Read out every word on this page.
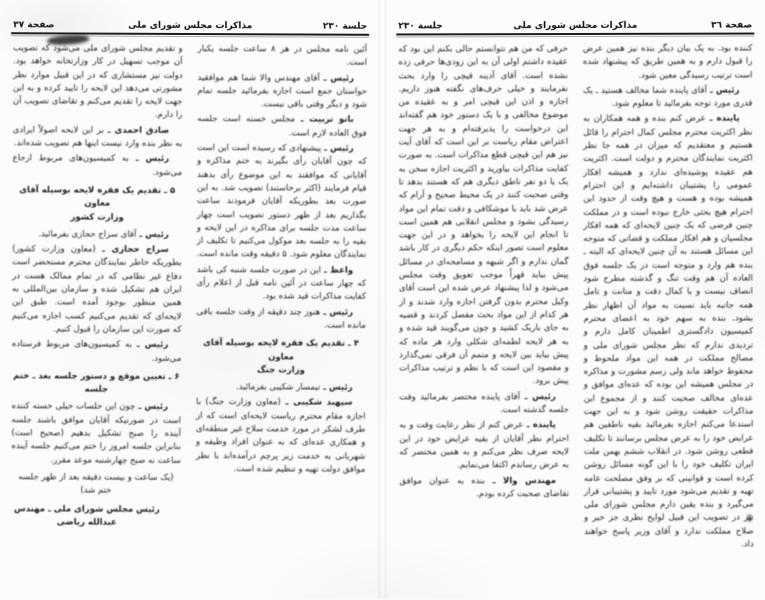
جلسة ٢٣٠
مذاکرات مجلس شورای ملی
صفحة ٣٧

آئین نامه مجلس در هر ۸ ساعت جلسه یکبار است.

رئیس ـ آقای مهندس والا شما هم موافقید حواستان جمع است اجازه بفرمائید جلسه تمام شود و دیگر وقتی باقی نیست.

بانو تربیت ـ مجلس خسته است جلسه فوق العاده لازم است.

رئیس ـ پیشنهادی که رسیده است این است که چون آقایان رأی بگیرند به ختم مذاکره و آقایانی که موافقند به این موضوع رأی بدهند قیام فرمایند (اکثر برخاستند) تصویب شد. به این صورت بعد بطوریکه آقایان فرمودند ساعت بگذاریم بعد از ظهر دستور تصویب است چهار ساعت مدت جلسه برای مذاکره در این لایحه و بقیه را به جلسه بعد موکول می‌کنیم تا تکلیف از نمایندگان معلوم شود. ۵ دقیقه وقت مانده است.

واعظ ـ این در صورت جلسه شنبه کی باشد که چهار ساعت در آئین نامه قبل از اعلام رأی کفایت مذاکرات قید شده بود.

رئیس ـ هنوز چند دقیقه از وقت جلسه باقی مانده است.

۴ ـ تقدیم یک فقره لایحه بوسیله آقای معاون
وزارت جنگ

رئیس ـ تیمسار شکیبی بفرمائید.

سپهبد شکیبی ـ (معاون وزارت جنگ) با اجازه مقام محترم ریاست لایحه‌ای است که از طرف لشکر در مورد خدمت سلاح غیر منطقه‌ای و همکاری عده‌ای که به عنوان افراد وظیفه و شهربانی به خدمت زیر پرچم درآمده‌اند با نظر موافق دولت تهیه و تنظیم شده است.

و تقدیم مجلس شورای ملی می‌شود که تصویب آن موجب تسهیل در کار وزارتخانه خواهد بود. دولت نیز مستشاری که در این قبیل موارد نظر مشورتی می‌دهد این لایحه را تایید کرده و به این جهت لایحه را تقدیم می‌کنم و تقاضای تصویب آن را دارم.

صادق احمدی ـ بر این لایحه اصولاً ایرادی به نظر بنده وارد نیست اینها هم تصویب شده‌اند.

رئیس ـ به کمیسیون‌های مربوط ارجاع می‌شود.

۵ ـ تقدیم یک فقره لایحه بوسیله آقای معاون
وزارت کشور

رئیس ـ آقای سراج حجازی بفرمائید.

سراج حجازی ـ (معاون وزارت کشور) بطوریکه خاطر نمایندگان محترم مستحضر است دفاع غیر نظامی که در تمام ممالک هست در ایران هم تشکیل شده و سازمان بین‌المللی به همین منظور بوجود آمده است. طبق این لایحه‌ای که تقدیم می‌کنیم کسب اجازه می‌کنیم که صورت این سازمان را قبول کنیم.

رئیس ـ به کمیسیون‌های مربوط فرستاده می‌شود.

۶ ـ تعیین موقع و دستور جلسه بعد ـ ختم جلسه

رئیس ـ چون این جلسات خیلی خسته کننده است در صورتیکه آقایان موافق باشند جلسه آینده را صبح تشکیل بدهیم (صحیح است) بنابراین جلسه امروز را ختم می‌کنیم جلسه آینده ساعت نه صبح چهارشنبه موعد مقرر.

(یک ساعت و بیست دقیقه بعد از ظهر جلسه ختم شد)

رئیس مجلس شورای ملی ـ مهندس عبدالله ریاضی

صفحة ٣٦
مذاکرات مجلس شورای ملی
جلسة ٢٣٠

کننده بود. به یک بیان دیگر بنده نیز همین عرض را قبول دارم و به همین طریق که پیشنهاد شده است ترتیب رسیدگی معین شود.

رئیس ـ آقای پاینده شما مخالف هستید ـ یک قدری مورد توجه بفرمائید تا معلوم شود.

پاینده ـ عرض کنم بنده و همه همکاران به نظر اکثریت محترم مجلس کمال احترام را قائل هستیم و معتقدیم که میزان در همه جا نظر اکثریت نمایندگان محترم و دولت است. اکثریت هم عقیده پوشیده‌ای ندارد و همیشه افکار عمومی را پشتیبان داشته‌ایم و این احترام همیشه بوده و هست و هیچ وقت از حدود این احترام هیچ بحثی خارج نبوده است و در مملکت چنین فرضی که یک چنین لایحه‌ای که همه افکار مجلسیان و هم افکار مملکت و قضاتی که متوجه این مسائل هستند به آن چنین لایحه‌ای که البته ـ بنده هم وارد و متوجه است در یک جلسه فوق العاده آن هم وقت تنگ و گذشته مطرح شود انصاف نیست و با کمال دقت و متانت و تامل همه جانبه باید نسبت به مواد آن اظهار نظر بشود. بنده به سهم خود به اعضای محترم کمیسیون دادگستری اطمینان کامل دارم و تردیدی ندارم که نظر مجلس شورای ملی و مصالح مملکت در همه این مواد ملحوظ و محفوظ خواهد ماند ولی رسم مشورت و مذاکره در مجلس همیشه این بوده که عده‌ای موافق و عده‌ای مخالف صحبت کنند و از مجموع این مذاکرات حقیقت روشن شود و به این جهت استدعا می‌کنم اجازه بفرمائید بقیه ناطقین هم عرایض خود را به عرض مجلس برسانند تا تکلیف قطعی روشن شود. در انقلاب ششم بهمن ملت ایران تکلیف خود را با این گونه مسائل روشن کرده است و قوانینی که بر وفق مصلحت عامه تهیه و تقدیم می‌شود مورد تایید و پشتیبانی قرار می‌گیرد و بنده یقین دارم مجلس شورای ملی نیز در تصویب این قبیل لوایح نظری جز خیر و صلاح مملکت ندارد و آقای وزیر پاسخ خواهند داد.

حرفی که من هم نتوانستم حالی بکنم این بود که عقیده داشتم اولی آن به این زودی‌ها حرفی زده نشده است. آقای آدینه قیچی را وارد بحث نفرمایند و خیلی حرف‌های نگفته هنوز داریم. اجازه و اذن این قیچی امر و به عقیده من موضوع مخالفی و با یک دستور خود هم گفته‌اند این درخواست را پذیرفته‌ام و به هر جهت اعتراض مقام ریاست بر این است که آقای آیت نیز هم این قیچی قطع مذاکرات است. به صورت کفایت مذاکرات بیاورید و اکثریت اجازه سخن به یک یا دو نفر ناطق دیگری هم که هستند بدهد تا وقتی صحبت کنند در یک محیط صحیح و آرام که عرض شد باید با موشکافی و دقت تمام این مواد رسیدگی بشود و مجلس انقلابی هم همین است تا انجام این لایحه را بخواهد و در این جهت معلوم است تصور اینکه حکم دیگری در کار باشد گمان ندارم و اگر شبهه و مسامحه‌ای در مسائل پیش بیاید قهراً موجب تعویق وقت مجلس می‌شود و لذا پیشنهاد عرض شده این است آقای وکیل محترم بدون گرفتن اجازه وارد شدند و از هر کدام از این مواد بحث مفصل کردند و قضیه به جای باریک کشید و چون می‌گویند قید شده و به هر لایحه لطمه‌ای شکلی وارد هر ماده که پیش بیاید بین لایحه و متمم آن فرقی نمی‌گذارد و مقصود این است که با نظم و ترتیب مذاکرات پیش برود.

رئیس ـ آقای پاینده مختصر بفرمائید وقت جلسه گذشته است.

پاینده ـ عرض کنم از نظر رعایت وقت و به احترام نظر آقایان از بقیه عرایض خود در این لایحه صرف نظر می‌کنم و به همین مختصر که به عرض رساندم اکتفا می‌نمایم.

مهندس والا ـ بنده به عنوان موافق تقاضای صحبت کرده بودم.
